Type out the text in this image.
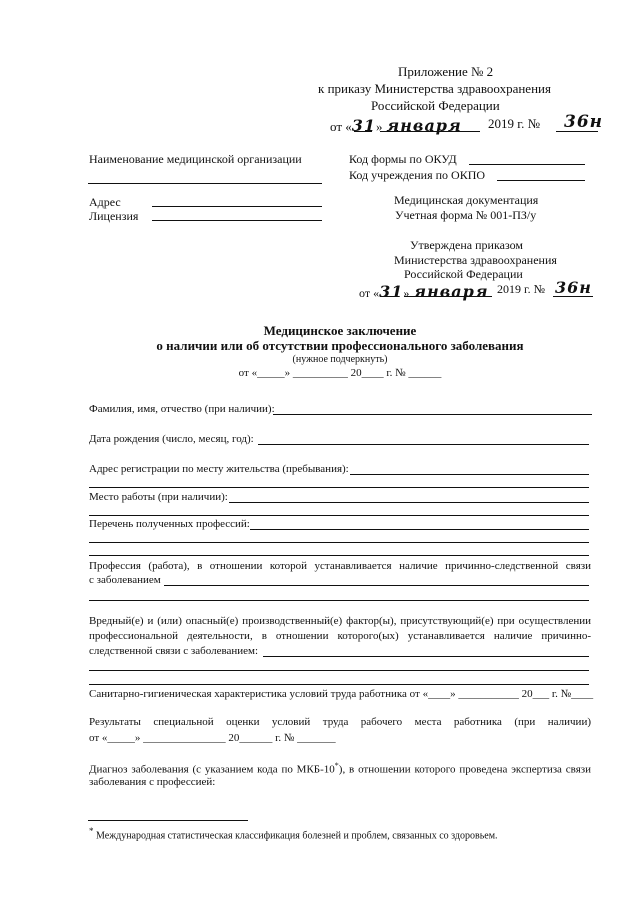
Приложение № 2
к приказу Министерства здравоохранения
Российской Федерации
от «31» января 2019 г. № 36н
Наименование медицинской организации
Адрес
Лицензия
Код формы по ОКУД
Код учреждения по ОКПО
Медицинская документация
Учетная форма № 001-ПЗ/у
Утверждена приказом
Министерства здравоохранения
Российской Федерации
от «31» января 2019 г. № 36н
Медицинское заключение
о наличии или об отсутствии профессионального заболевания
(нужное подчеркнуть)
от «_____» __________ 20____ г. № ______
Фамилия, имя, отчество (при наличии):
Дата рождения (число, месяц, год):
Адрес регистрации по месту жительства (пребывания):
Место работы (при наличии):
Перечень полученных профессий:
Профессия (работа), в отношении которой устанавливается наличие причинно-следственной связи
с заболеванием
Вредный(е) и (или) опасный(е) производственный(е) фактор(ы), присутствующий(е) при осуществлении
профессиональной деятельности, в отношении которого(ых) устанавливается наличие причинно-
следственной связи с заболеванием:
Санитарно-гигиеническая характеристика условий труда работника от «____» ___________ 20___ г. №____
Результаты специальной оценки условий труда рабочего места работника (при наличии)
от «_____» _______________ 20______ г. № _______
Диагноз заболевания (с указанием кода по МКБ-10*), в отношении которого проведена экспертиза связи
заболевания с профессией:
* Международная статистическая классификация болезней и проблем, связанных со здоровьем.
